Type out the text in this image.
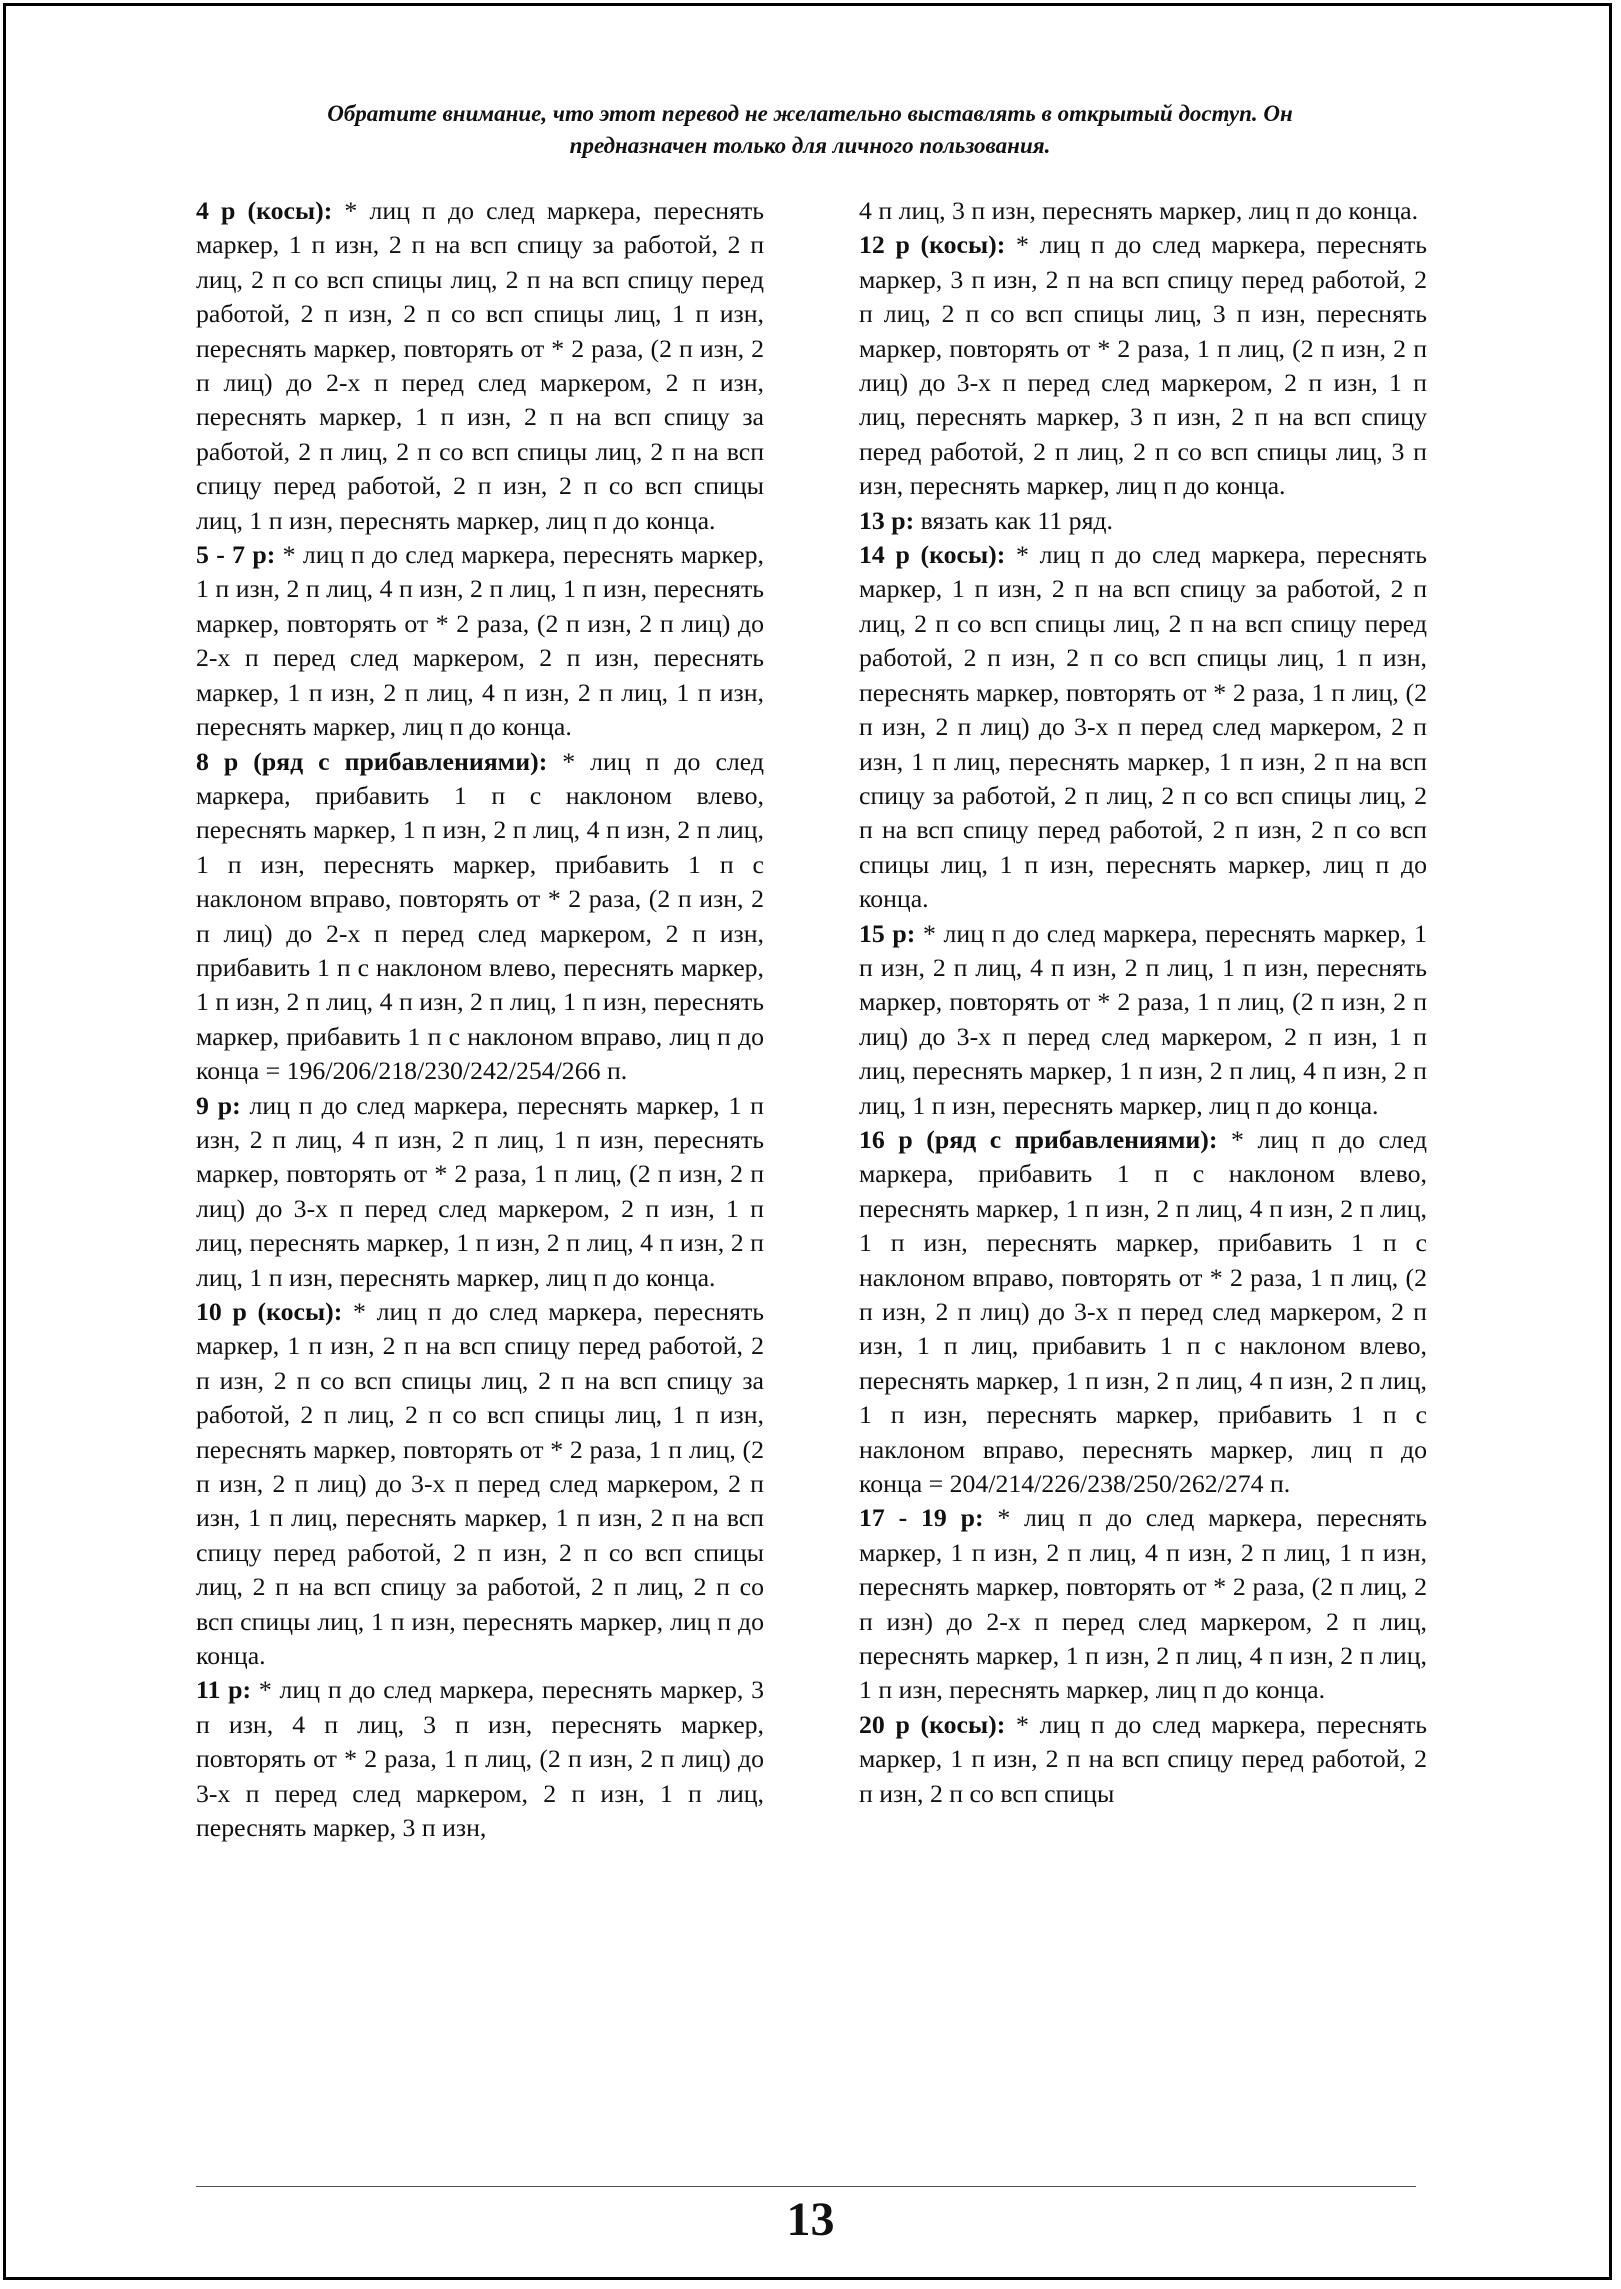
Обратите внимание, что этот перевод не желательно выставлять в открытый доступ. Он
предназначен только для личного пользования.

4 р (косы): * лиц п до след маркера, переснять маркер, 1 п изн, 2 п на всп спицу за работой, 2 п лиц, 2 п со всп спицы лиц, 2 п на всп спицу перед работой, 2 п изн, 2 п со всп спицы лиц, 1 п изн, переснять маркер, повторять от * 2 раза, (2 п изн, 2 п лиц) до 2-х п перед след маркером, 2 п изн, переснять маркер, 1 п изн, 2 п на всп спицу за работой, 2 п лиц, 2 п со всп спицы лиц, 2 п на всп спицу перед работой, 2 п изн, 2 п со всп спицы лиц, 1 п изн, переснять маркер, лиц п до конца.

5 - 7 р: * лиц п до след маркера, переснять маркер, 1 п изн, 2 п лиц, 4 п изн, 2 п лиц, 1 п изн, переснять маркер, повторять от * 2 раза, (2 п изн, 2 п лиц) до 2-х п перед след маркером, 2 п изн, переснять маркер, 1 п изн, 2 п лиц, 4 п изн, 2 п лиц, 1 п изн, переснять маркер, лиц п до конца.

8 р (ряд с прибавлениями): * лиц п до след маркера, прибавить 1 п с наклоном влево, переснять маркер, 1 п изн, 2 п лиц, 4 п изн, 2 п лиц, 1 п изн, переснять маркер, прибавить 1 п с наклоном вправо, повторять от * 2 раза, (2 п изн, 2 п лиц) до 2-х п перед след маркером, 2 п изн, прибавить 1 п с наклоном влево, переснять маркер, 1 п изн, 2 п лиц, 4 п изн, 2 п лиц, 1 п изн, переснять маркер, прибавить 1 п с наклоном вправо, лиц п до конца = 196/206/218/230/242/254/266 п.

9 р: лиц п до след маркера, переснять маркер, 1 п изн, 2 п лиц, 4 п изн, 2 п лиц, 1 п изн, переснять маркер, повторять от * 2 раза, 1 п лиц, (2 п изн, 2 п лиц) до 3-х п перед след маркером, 2 п изн, 1 п лиц, переснять маркер, 1 п изн, 2 п лиц, 4 п изн, 2 п лиц, 1 п изн, переснять маркер, лиц п до конца.

10 р (косы): * лиц п до след маркера, переснять маркер, 1 п изн, 2 п на всп спицу перед работой, 2 п изн, 2 п со всп спицы лиц, 2 п на всп спицу за работой, 2 п лиц, 2 п со всп спицы лиц, 1 п изн, переснять маркер, повторять от * 2 раза, 1 п лиц, (2 п изн, 2 п лиц) до 3-х п перед след маркером, 2 п изн, 1 п лиц, переснять маркер, 1 п изн, 2 п на всп спицу перед работой, 2 п изн, 2 п со всп спицы лиц, 2 п на всп спицу за работой, 2 п лиц, 2 п со всп спицы лиц, 1 п изн, переснять маркер, лиц п до конца.

11 р: * лиц п до след маркера, переснять маркер, 3 п изн, 4 п лиц, 3 п изн, переснять маркер, повторять от * 2 раза, 1 п лиц, (2 п изн, 2 п лиц) до 3-х п перед след маркером, 2 п изн, 1 п лиц, переснять маркер, 3 п изн,

4 п лиц, 3 п изн, переснять маркер, лиц п до конца.

12 р (косы): * лиц п до след маркера, переснять маркер, 3 п изн, 2 п на всп спицу перед работой, 2 п лиц, 2 п со всп спицы лиц, 3 п изн, переснять маркер, повторять от * 2 раза, 1 п лиц, (2 п изн, 2 п лиц) до 3-х п перед след маркером, 2 п изн, 1 п лиц, переснять маркер, 3 п изн, 2 п на всп спицу перед работой, 2 п лиц, 2 п со всп спицы лиц, 3 п изн, переснять маркер, лиц п до конца.

13 р: вязать как 11 ряд.

14 р (косы): * лиц п до след маркера, переснять маркер, 1 п изн, 2 п на всп спицу за работой, 2 п лиц, 2 п со всп спицы лиц, 2 п на всп спицу перед работой, 2 п изн, 2 п со всп спицы лиц, 1 п изн, переснять маркер, повторять от * 2 раза, 1 п лиц, (2 п изн, 2 п лиц) до 3-х п перед след маркером, 2 п изн, 1 п лиц, переснять маркер, 1 п изн, 2 п на всп спицу за работой, 2 п лиц, 2 п со всп спицы лиц, 2 п на всп спицу перед работой, 2 п изн, 2 п со всп спицы лиц, 1 п изн, переснять маркер, лиц п до конца.

15 р: * лиц п до след маркера, переснять маркер, 1 п изн, 2 п лиц, 4 п изн, 2 п лиц, 1 п изн, переснять маркер, повторять от * 2 раза, 1 п лиц, (2 п изн, 2 п лиц) до 3-х п перед след маркером, 2 п изн, 1 п лиц, переснять маркер, 1 п изн, 2 п лиц, 4 п изн, 2 п лиц, 1 п изн, переснять маркер, лиц п до конца.

16 р (ряд с прибавлениями): * лиц п до след маркера, прибавить 1 п с наклоном влево, переснять маркер, 1 п изн, 2 п лиц, 4 п изн, 2 п лиц, 1 п изн, переснять маркер, прибавить 1 п с наклоном вправо, повторять от * 2 раза, 1 п лиц, (2 п изн, 2 п лиц) до 3-х п перед след маркером, 2 п изн, 1 п лиц, прибавить 1 п с наклоном влево, переснять маркер, 1 п изн, 2 п лиц, 4 п изн, 2 п лиц, 1 п изн, переснять маркер, прибавить 1 п с наклоном вправо, переснять маркер, лиц п до конца = 204/214/226/238/250/262/274 п.

17 - 19 р: * лиц п до след маркера, переснять маркер, 1 п изн, 2 п лиц, 4 п изн, 2 п лиц, 1 п изн, переснять маркер, повторять от * 2 раза, (2 п лиц, 2 п изн) до 2-х п перед след маркером, 2 п лиц, переснять маркер, 1 п изн, 2 п лиц, 4 п изн, 2 п лиц, 1 п изн, переснять маркер, лиц п до конца.

20 р (косы): * лиц п до след маркера, переснять маркер, 1 п изн, 2 п на всп спицу перед работой, 2 п изн, 2 п со всп спицы

13
